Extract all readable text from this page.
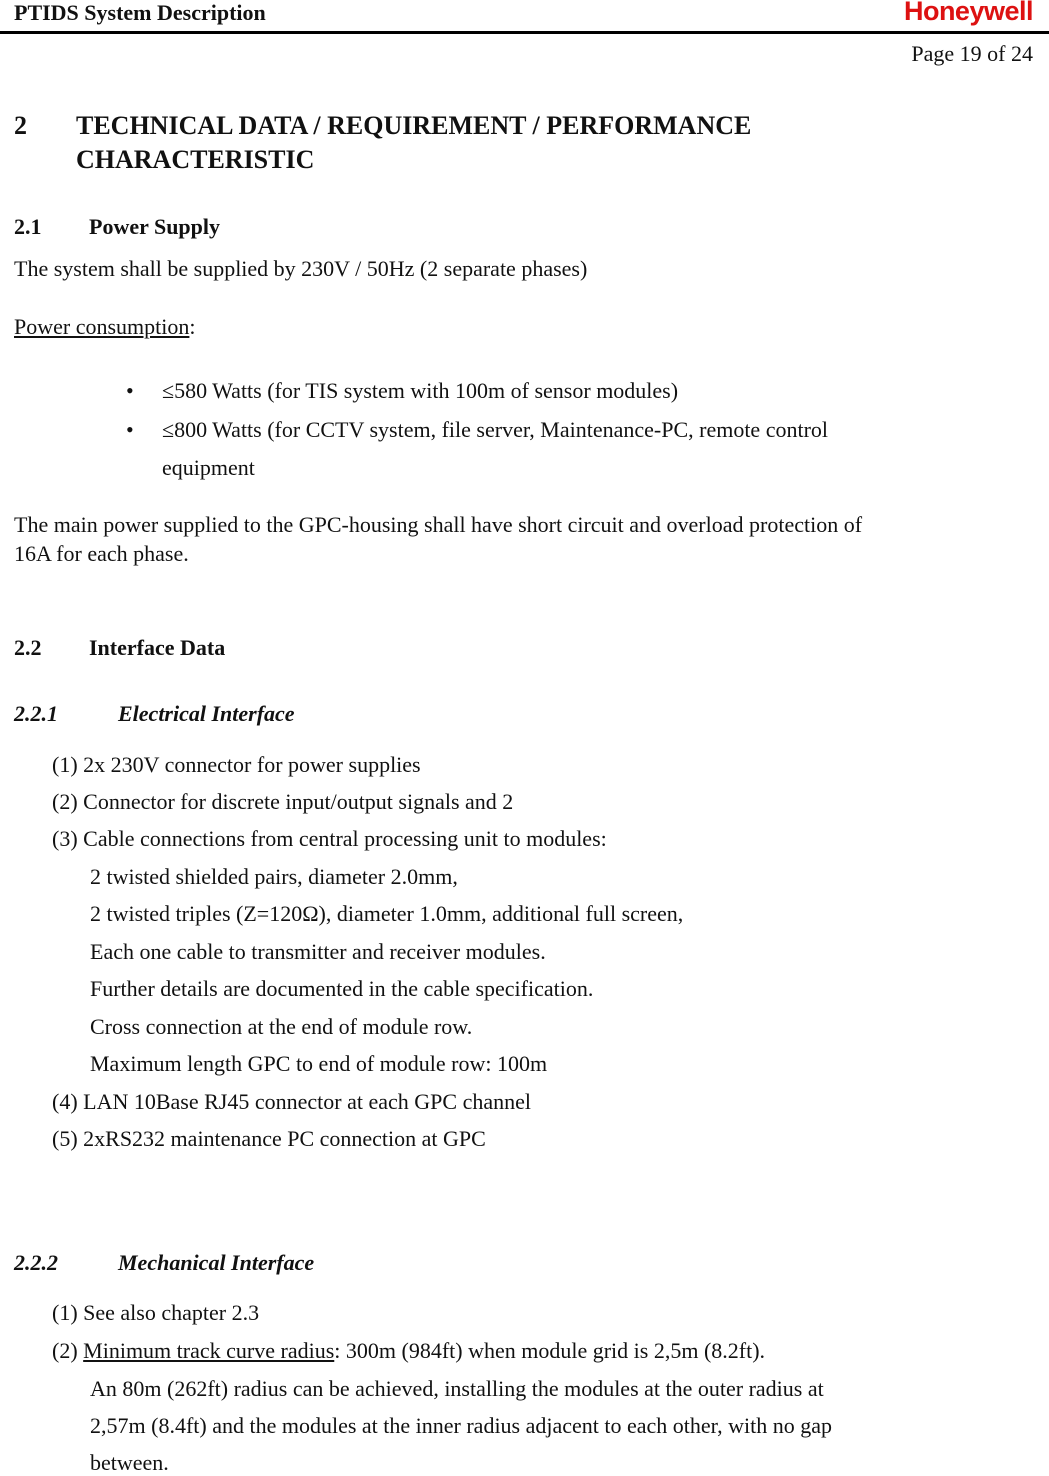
PTIDS System Description	Honeywell
Page 19 of 24
2 TECHNICAL DATA / REQUIREMENT / PERFORMANCE CHARACTERISTIC
2.1 Power Supply
The system shall be supplied by 230V / 50Hz (2 separate phases)
Power consumption:
• ≤580 Watts (for TIS system with 100m of sensor modules)
• ≤800 Watts (for CCTV system, file server, Maintenance-PC, remote control
equipment
The main power supplied to the GPC-housing shall have short circuit and overload protection of
16A for each phase.
2.2 Interface Data
2.2.1	Electrical Interface
(1) 2x 230V connector for power supplies
(2) Connector for discrete input/output signals and 2
(3) Cable connections from central processing unit to modules:
2 twisted shielded pairs, diameter 2.0mm,
2 twisted triples (Z=120Ω), diameter 1.0mm, additional full screen,
Each one cable to transmitter and receiver modules.
Further details are documented in the cable specification.
Cross connection at the end of module row.
Maximum length GPC to end of module row: 100m
(4) LAN 10Base RJ45 connector at each GPC channel
(5) 2xRS232 maintenance PC connection at GPC
2.2.2	Mechanical Interface
(1) See also chapter 2.3
(2) Minimum track curve radius: 300m (984ft) when module grid is 2,5m (8.2ft).
An 80m (262ft) radius can be achieved, installing the modules at the outer radius at
2,57m (8.4ft) and the modules at the inner radius adjacent to each other, with no gap
between.
